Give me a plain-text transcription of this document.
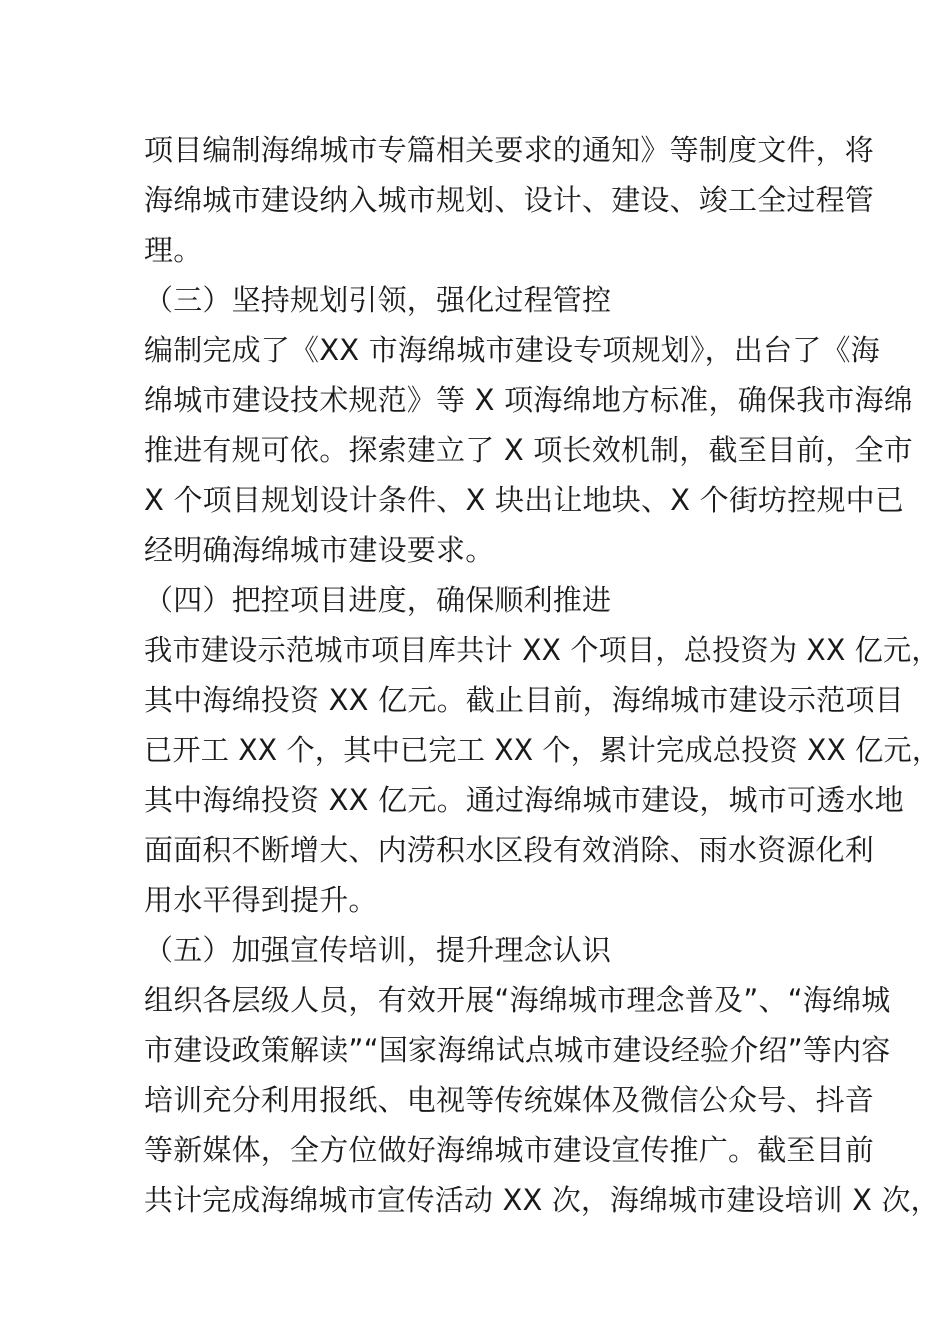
项目编制海绵城市专篇相关要求的通知》等制度文件，将
海绵城市建设纳入城市规划、设计、建设、竣工全过程管
理。
（三）坚持规划引领，强化过程管控
编制完成了《XX 市海绵城市建设专项规划》，出台了《海
绵城市建设技术规范》等 X 项海绵地方标准，确保我市海绵
推进有规可依。探索建立了 X 项长效机制，截至目前，全市
X 个项目规划设计条件、X 块出让地块、X 个街坊控规中已
经明确海绵城市建设要求。
（四）把控项目进度，确保顺利推进
我市建设示范城市项目库共计 XX 个项目，总投资为 XX 亿元，
其中海绵投资 XX 亿元。截止目前，海绵城市建设示范项目
已开工 XX 个，其中已完工 XX 个，累计完成总投资 XX 亿元，
其中海绵投资 XX 亿元。通过海绵城市建设，城市可透水地
面面积不断增大、内涝积水区段有效消除、雨水资源化利
用水平得到提升。
（五）加强宣传培训，提升理念认识
组织各层级人员，有效开展“海绵城市理念普及”、“海绵城
市建设政策解读”“国家海绵试点城市建设经验介绍”等内容
培训充分利用报纸、电视等传统媒体及微信公众号、抖音
等新媒体，全方位做好海绵城市建设宣传推广。截至目前
共计完成海绵城市宣传活动 XX 次，海绵城市建设培训 X 次，
